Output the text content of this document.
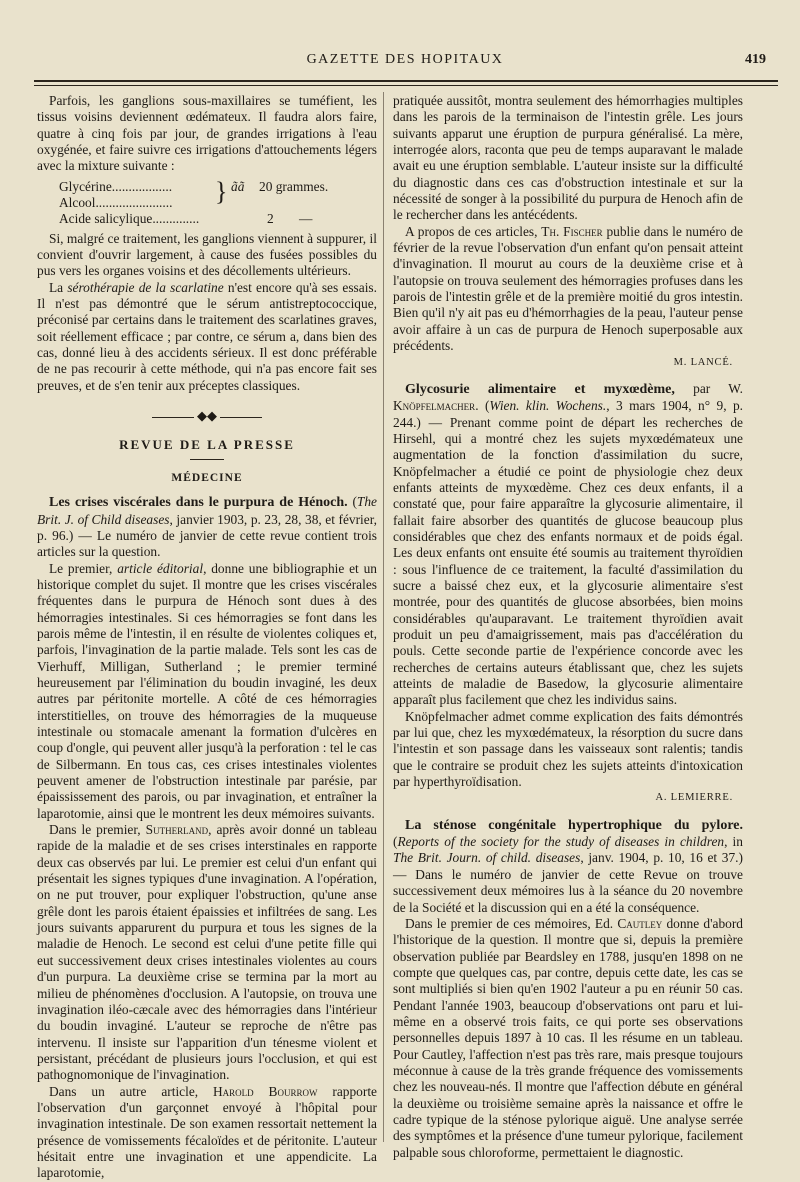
GAZETTE DES HOPITAUX	419

Parfois, les ganglions sous-maxillaires se tuméfient, les tissus voisins deviennent œdémateux. Il faudra alors faire, quatre à cinq fois par jour, de grandes irrigations à l'eau oxygénée, et faire suivre ces irrigations d'attouchements légers avec la mixture suivante :

Glycérine..................
Alcool.......................
Acide salicylique..............
} ãã 20 grammes.
2 —

Si, malgré ce traitement, les ganglions viennent à suppurer, il convient d'ouvrir largement, à cause des fusées possibles du pus vers les organes voisins et des décollements ultérieurs.

La sérothérapie de la scarlatine n'est encore qu'à ses essais. Il n'est pas démontré que le sérum antistreptococcique, préconisé par certains dans le traitement des scarlatines graves, soit réellement efficace ; par contre, ce sérum a, dans bien des cas, donné lieu à des accidents sérieux. Il est donc préférable de ne pas recourir à cette méthode, qui n'a pas encore fait ses preuves, et de s'en tenir aux préceptes classiques.

◆◆
REVUE DE LA PRESSE
MÉDECINE

Les crises viscérales dans le purpura de Hénoch. (The Brit. J. of Child diseases, janvier 1903, p. 23, 28, 38, et février, p. 96.) — Le numéro de janvier de cette revue contient trois articles sur la question.

Le premier, article éditorial, donne une bibliographie et un historique complet du sujet. Il montre que les crises viscérales fréquentes dans le purpura de Hénoch sont dues à des hémorragies intestinales. Si ces hémorragies se font dans les parois même de l'intestin, il en résulte de violentes coliques et, parfois, l'invagination de la partie malade. Tels sont les cas de Vierhuff, Milligan, Sutherland ; le premier terminé heureusement par l'élimination du boudin invaginé, les deux autres par péritonite mortelle. A côté de ces hémorragies interstitielles, on trouve des hémorragies de la muqueuse intestinale ou stomacale amenant la formation d'ulcères en coup d'ongle, qui peuvent aller jusqu'à la perforation : tel le cas de Silbermann. En tous cas, ces crises intestinales violentes peuvent amener de l'obstruction intestinale par parésie, par épaississement des parois, ou par invagination, et entraîner la laparotomie, ainsi que le montrent les deux mémoires suivants.

Dans le premier, Sutherland, après avoir donné un tableau rapide de la maladie et de ses crises interstinales en rapporte deux cas observés par lui. Le premier est celui d'un enfant qui présentait les signes typiques d'une invagination. A l'opération, on ne put trouver, pour expliquer l'obstruction, qu'une anse grêle dont les parois étaient épaissies et infiltrées de sang. Les jours suivants apparurent du purpura et tous les signes de la maladie de Henoch. Le second est celui d'une petite fille qui eut successivement deux crises intestinales violentes au cours d'un purpura. La deuxième crise se termina par la mort au milieu de phénomènes d'occlusion. A l'autopsie, on trouva une invagination iléo-cæcale avec des hémorragies dans l'intérieur du boudin invaginé. L'auteur se reproche de n'être pas intervenu. Il insiste sur l'apparition d'un ténesme violent et persistant, précédant de plusieurs jours l'occlusion, et qui est pathognomonique de l'invagination.

Dans un autre article, Harold Bourrow rapporte l'observation d'un garçonnet envoyé à l'hôpital pour invagination intestinale. De son examen ressortait nettement la présence de vomissements fécaloïdes et de péritonite. L'auteur hésitait entre une invagination et une appendicite. La laparotomie,

pratiquée aussitôt, montra seulement des hémorrhagies multiples dans les parois de la terminaison de l'intestin grêle. Les jours suivants apparut une éruption de purpura généralisé. La mère, interrogée alors, raconta que peu de temps auparavant le malade avait eu une éruption semblable. L'auteur insiste sur la difficulté du diagnostic dans ces cas d'obstruction intestinale et sur la nécessité de songer à la possibilité du purpura de Henoch afin de le rechercher dans les antécédents.

A propos de ces articles, Th. Fischer publie dans le numéro de février de la revue l'observation d'un enfant qu'on pensait atteint d'invagination. Il mourut au cours de la deuxième crise et à l'autopsie on trouva seulement des hémorragies profuses dans les parois de l'intestin grêle et de la première moitié du gros intestin. Bien qu'il n'y ait pas eu d'hémorrhagies de la peau, l'auteur pense avoir affaire à un cas de purpura de Henoch superposable aux précédents.

M. LANCÉ.

Glycosurie alimentaire et myxœdème, par W. Knöpfelmacher. (Wien. klin. Wochens., 3 mars 1904, n° 9, p. 244.) — Prenant comme point de départ les recherches de Hirsehl, qui a montré chez les sujets myxœdémateux une augmentation de la fonction d'assimilation du sucre, Knöpfelmacher a étudié ce point de physiologie chez deux enfants atteints de myxœdème. Chez ces deux enfants, il a constaté que, pour faire apparaître la glycosurie alimentaire, il fallait faire absorber des quantités de glucose beaucoup plus considérables que chez des enfants normaux et de poids égal. Les deux enfants ont ensuite été soumis au traitement thyroïdien : sous l'influence de ce traitement, la faculté d'assimilation du sucre a baissé chez eux, et la glycosurie alimentaire s'est montrée, pour des quantités de glucose absorbées, bien moins considérables qu'auparavant. Le traitement thyroïdien avait produit un peu d'amaigrissement, mais pas d'accélération du pouls. Cette seconde partie de l'expérience concorde avec les recherches de certains auteurs établissant que, chez les sujets atteints de maladie de Basedow, la glycosurie alimentaire apparaît plus facilement que chez les individus sains.

Knöpfelmacher admet comme explication des faits démontrés par lui que, chez les myxœdémateux, la résorption du sucre dans l'intestin et son passage dans les vaisseaux sont ralentis; tandis que le contraire se produit chez les sujets atteints d'intoxication par hyperthyroïdisation.

A. LEMIERRE.

La sténose congénitale hypertrophique du pylore. (Reports of the society for the study of diseases in children, in The Brit. Journ. of child. diseases, janv. 1904, p. 10, 16 et 37.) — Dans le numéro de janvier de cette Revue on trouve successivement deux mémoires lus à la séance du 20 novembre de la Société et la discussion qui en a été la conséquence.

Dans le premier de ces mémoires, Ed. Cautley donne d'abord l'historique de la question. Il montre que si, depuis la première observation publiée par Beardsley en 1788, jusqu'en 1898 on ne compte que quelques cas, par contre, depuis cette date, les cas se sont multipliés si bien qu'en 1902 l'auteur a pu en réunir 50 cas. Pendant l'année 1903, beaucoup d'observations ont paru et lui-même en a observé trois faits, ce qui porte ses observations personnelles depuis 1897 à 10 cas. Il les résume en un tableau. Pour Cautley, l'affection n'est pas très rare, mais presque toujours méconnue à cause de la très grande fréquence des vomissements chez les nouveau-nés. Il montre que l'affection débute en général la deuxième ou troisième semaine après la naissance et offre le cadre typique de la sténose pylorique aiguë. Une analyse serrée des symptômes et la présence d'une tumeur pylorique, facilement palpable sous chloroforme, permettaient le diagnostic.
